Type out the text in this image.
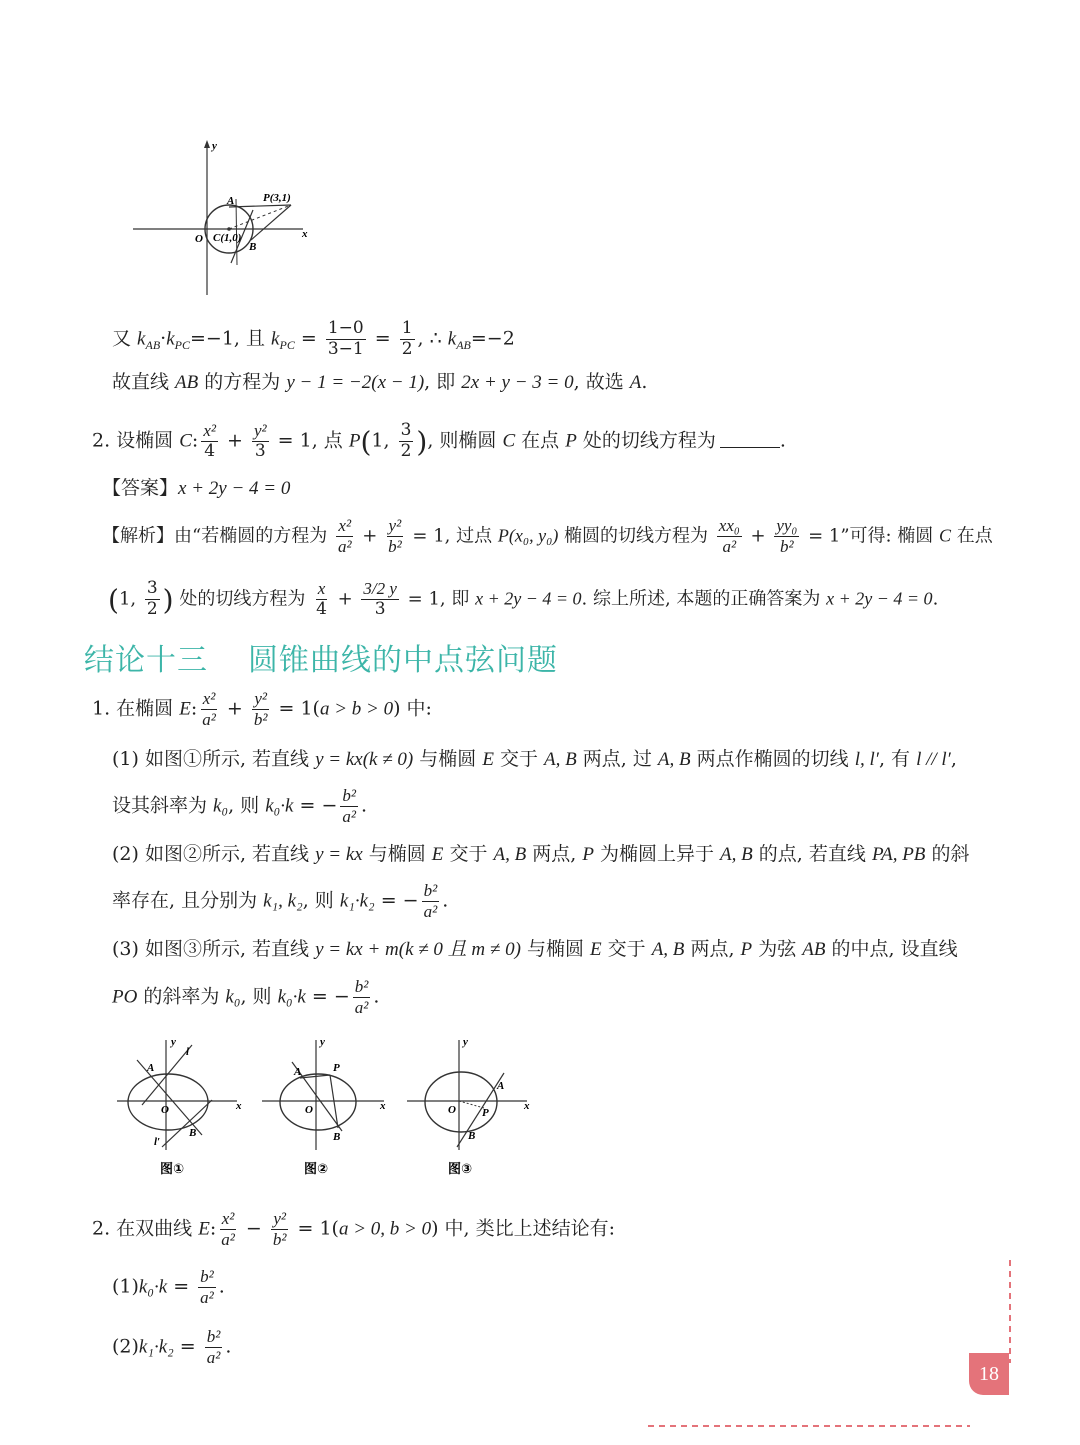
y
x
O
P(3,1)
A
B
C(1,0)
又 $k_{AB}\cdot k_{PC}=-1$, 且 $k_{PC} = \frac{1-0}{3-1} = \frac{1}{2}$ , ∴ $k_{AB}=-2$
故直线 AB 的方程为 y − 1 = −2(x − 1), 即 2x + y − 3 = 0, 故选 A.
2. 设椭圆 C: $\frac{\text{x²}}{4} + \frac{\text{y²}}{3} = 1$, 点 P(1, $\frac{3}{2}$ ), 则椭圆 C 在点 P 处的切线方程为	.
【答案】x + 2y − 4 = 0
【解析】由“若椭圆的方程为 $\frac{\text{x²}}{\text{a²}} + \frac{\text{y²}}{\text{b²}} = 1$, 过点 P(x₀, y₀) 椭圆的切线方程为 $\frac{\text{xx₀}}{\text{a²}} + \frac{\text{yy₀}}{\text{b²}} = 1$”可得: 椭圆 C 在点
(1, $\frac{3}{2}$ ) 处的切线方程为 $\frac{x}{4} + \frac{3/2 y}{3} = 1$, 即 x + 2y − 4 = 0. 综上所述, 本题的正确答案为 x + 2y − 4 = 0.
结论十三 圆锥曲线的中点弦问题
1. 在椭圆 E: $\frac{\text{x²}}{\text{a²}} + \frac{\text{y²}}{\text{b²}} = 1(a > b > 0)$ 中:
(1) 如图①所示, 若直线 y = kx(k ≠ 0) 与椭圆 E 交于 A, B 两点, 过 A, B 两点作椭圆的切线 l, l′, 有 l // l′,
设其斜率为 k₀, 则 k₀·k = − $\frac{\text{b²}}{\text{a²}}$ .
(2) 如图②所示, 若直线 y = kx 与椭圆 E 交于 A, B 两点, P 为椭圆上异于 A, B 的点, 若直线 PA, PB 的斜
率存在, 且分别为 k₁, k₂, 则 k₁·k₂ = − $\frac{\text{b²}}{\text{a²}}$ .
(3) 如图③所示, 若直线 y = kx + m(k ≠ 0 且 m ≠ 0) 与椭圆 E 交于 A, B 两点, P 为弦 AB 的中点, 设直线
PO 的斜率为 k₀, 则 k₀·k = − $\frac{\text{b²}}{\text{a²}}$ .
y
x
O
A
B
l
l′
图①
y
x
O
A
B
P
图②
y
x
O
A
B
P
图③
2. 在双曲线 E: $\frac{\text{x²}}{\text{a²}} - \frac{\text{y²}}{\text{b²}} = 1(a > 0$, b > 0) 中, 类比上述结论有:
$(1)k_0\cdot k = \frac{\text{b²}}{\text{a²}}$ .
$(2)k_1\cdot k_2 = \frac{\text{b²}}{\text{a²}}$ .
18
